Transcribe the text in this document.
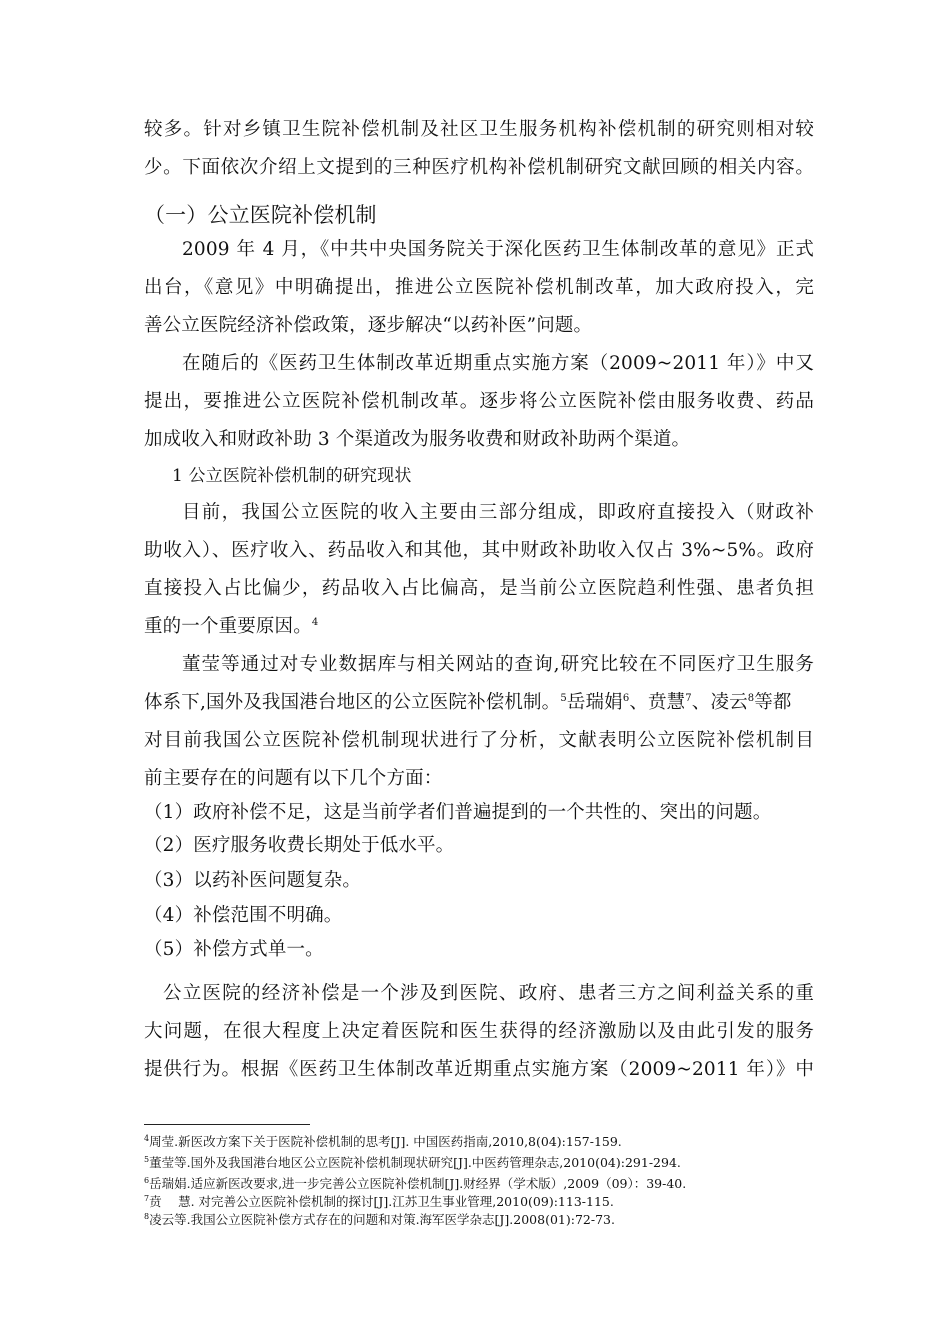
较多。针对乡镇卫生院补偿机制及社区卫生服务机构补偿机制的研究则相对较
少。下面依次介绍上文提到的三种医疗机构补偿机制研究文献回顾的相关内容。
（一）公立医院补偿机制
2009 年 4 月，《中共中央国务院关于深化医药卫生体制改革的意见》正式
出台，《意见》中明确提出，推进公立医院补偿机制改革，加大政府投入，完
善公立医院经济补偿政策，逐步解决“以药补医”问题。
在随后的《医药卫生体制改革近期重点实施方案（2009~2011 年）》中又
提出，要推进公立医院补偿机制改革。逐步将公立医院补偿由服务收费、药品
加成收入和财政补助 3 个渠道改为服务收费和财政补助两个渠道。
1 公立医院补偿机制的研究现状
目前，我国公立医院的收入主要由三部分组成，即政府直接投入（财政补
助收入）、医疗收入、药品收入和其他，其中财政补助收入仅占 3%~5%。政府
直接投入占比偏少，药品收入占比偏高，是当前公立医院趋利性强、患者负担
重的一个重要原因。$^4$
董莹等通过对专业数据库与相关网站的查询,研究比较在不同医疗卫生服务
体系下,国外及我国港台地区的公立医院补偿机制。$^5$岳瑞娟$^6$、贲慧$^7$、凌云$^8$等都
对目前我国公立医院补偿机制现状进行了分析，文献表明公立医院补偿机制目
前主要存在的问题有以下几个方面：
（1）政府补偿不足，这是当前学者们普遍提到的一个共性的、突出的问题。
（2）医疗服务收费长期处于低水平。
（3）以药补医问题复杂。
（4）补偿范围不明确。
（5）补偿方式单一。
公立医院的经济补偿是一个涉及到医院、政府、患者三方之间利益关系的重
大问题，在很大程度上决定着医院和医生获得的经济激励以及由此引发的服务
提供行为。根据《医药卫生体制改革近期重点实施方案（2009~2011 年）》中
$^4$周莹.新医改方案下关于医院补偿机制的思考[J]. 中国医药指南,2010,8(04):157-159.
$^5$董莹等.国外及我国港台地区公立医院补偿机制现状研究[J].中医药管理杂志,2010(04):291-294.
$^6$岳瑞娟.适应新医改要求,进一步完善公立医院补偿机制[J].财经界（学术版）,2009（09）：39-40.
$^7$贲　 慧. 对完善公立医院补偿机制的探讨[J].江苏卫生事业管理,2010(09):113-115.
$^8$凌云等.我国公立医院补偿方式存在的问题和对策.海军医学杂志[J].2008(01):72-73.
